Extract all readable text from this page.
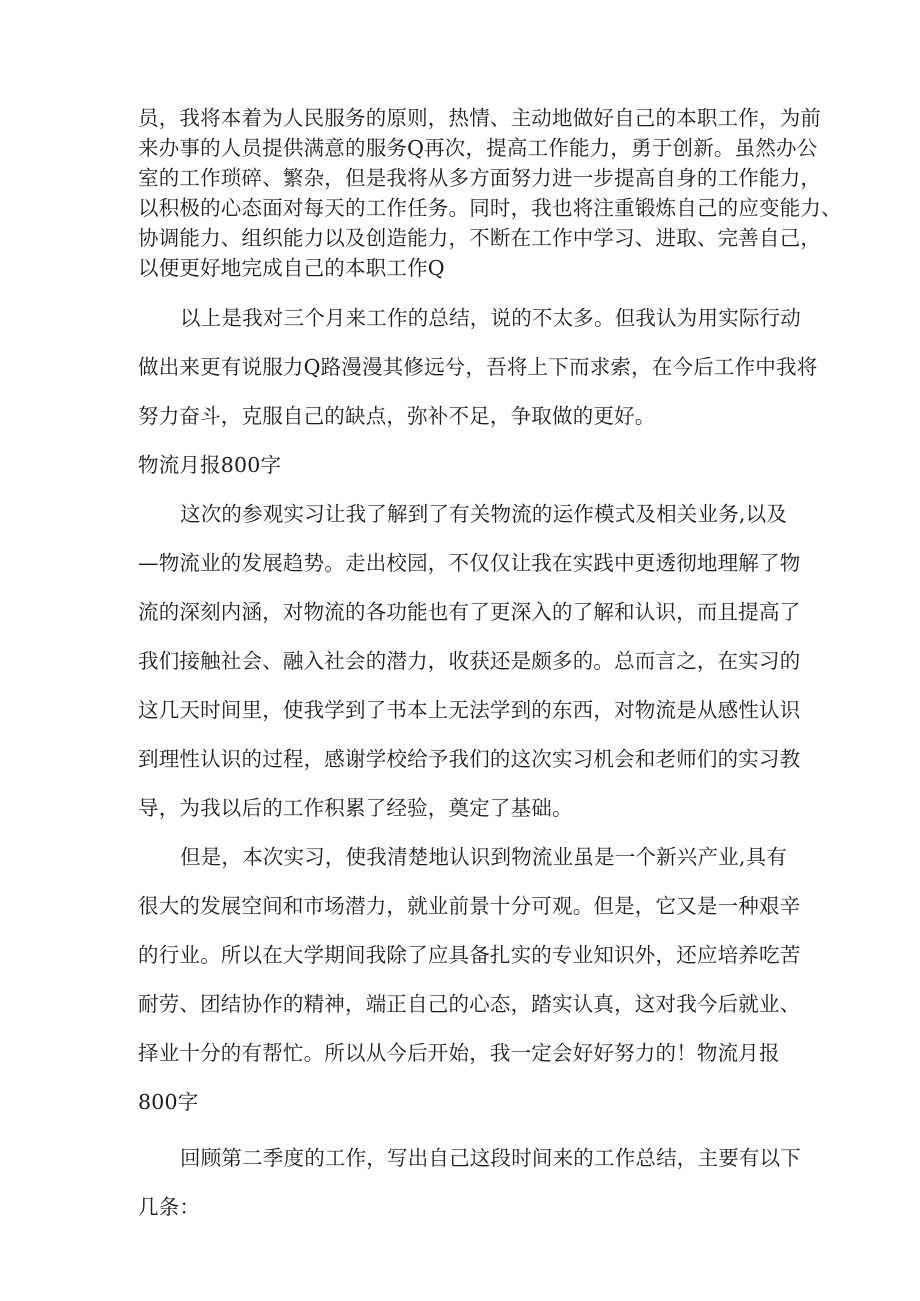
员，我将本着为人民服务的原则，热情、主动地做好自己的本职工作，为前
来办事的人员提供满意的服务Q再次，提高工作能力，勇于创新。虽然办公
室的工作琐碎、繁杂，但是我将从多方面努力进一步提高自身的工作能力，
以积极的心态面对每天的工作任务。同时，我也将注重锻炼自己的应变能力、
协调能力、组织能力以及创造能力，不断在工作中学习、进取、完善自己，
以便更好地完成自己的本职工作Q
以上是我对三个月来工作的总结，说的不太多。但我认为用实际行动
做出来更有说服力Q路漫漫其修远兮，吾将上下而求索，在今后工作中我将
努力奋斗，克服自己的缺点，弥补不足，争取做的更好。
物流月报800字
这次的参观实习让我了解到了有关物流的运作模式及相关业务,以及
—物流业的发展趋势。走出校园，不仅仅让我在实践中更透彻地理解了物
流的深刻内涵，对物流的各功能也有了更深入的了解和认识，而且提高了
我们接触社会、融入社会的潜力，收获还是颇多的。总而言之，在实习的
这几天时间里，使我学到了书本上无法学到的东西，对物流是从感性认识
到理性认识的过程，感谢学校给予我们的这次实习机会和老师们的实习教
导，为我以后的工作积累了经验，奠定了基础。
但是，本次实习，使我清楚地认识到物流业虽是一个新兴产业,具有
很大的发展空间和市场潜力，就业前景十分可观。但是，它又是一种艰辛
的行业。所以在大学期间我除了应具备扎实的专业知识外，还应培养吃苦
耐劳、团结协作的精神，端正自己的心态，踏实认真，这对我今后就业、
择业十分的有帮忙。所以从今后开始，我一定会好好努力的！物流月报
800字
回顾第二季度的工作，写出自己这段时间来的工作总结，主要有以下
几条：
